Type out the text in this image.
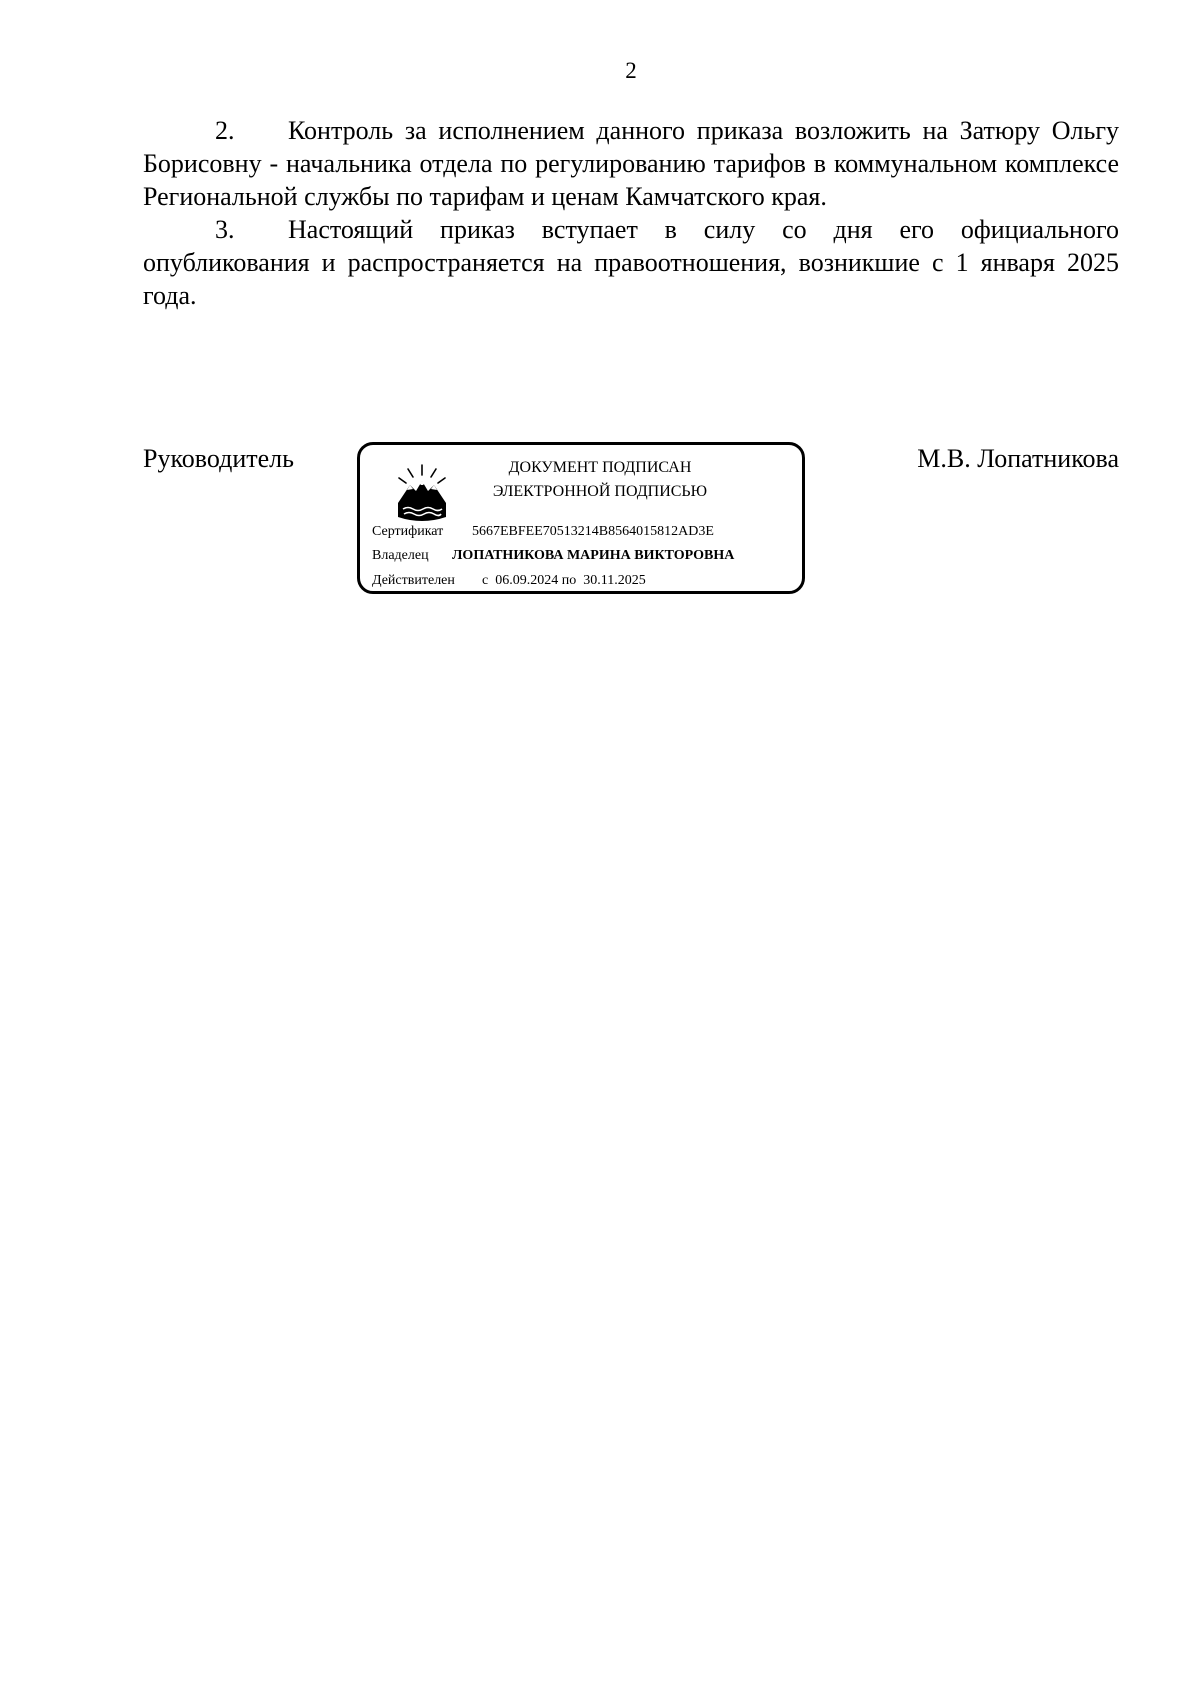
2

2. Контроль за исполнением данного приказа возложить на Затюру Ольгу Борисовну - начальника отдела по регулированию тарифов в коммунальном комплексе Региональной службы по тарифам и ценам Камчатского края.

3. Настоящий приказ вступает в силу со дня его официального опубликования и распространяется на правоотношения, возникшие с 1 января 2025 года.

Руководитель	ДОКУМЕНТ ПОДПИСАН
ЭЛЕКТРОННОЙ ПОДПИСЬЮ
Сертификат 5667EBFEE70513214B8564015812AD3E
Владелец ЛОПАТНИКОВА МАРИНА ВИКТОРОВНА
Действителен с 06.09.2024 по 30.11.2025
М.В. Лопатникова
